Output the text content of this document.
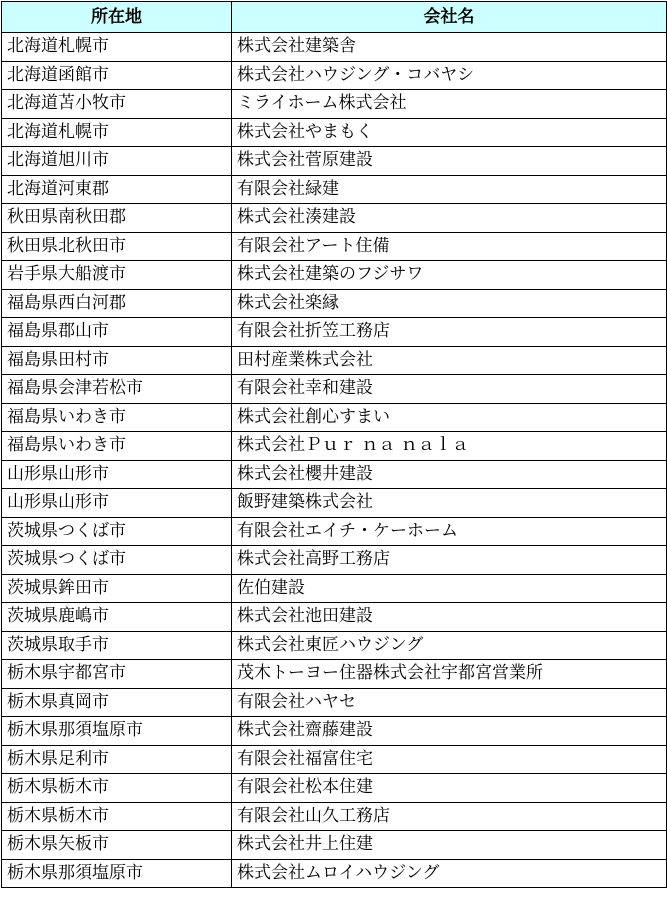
所在地	会社名
北海道札幌市	株式会社建築舎
北海道函館市	株式会社ハウジング・コバヤシ
北海道苫小牧市	ミライホーム株式会社
北海道札幌市	株式会社やまもく
北海道旭川市	株式会社菅原建設
北海道河東郡	有限会社緑建
秋田県南秋田郡	株式会社湊建設
秋田県北秋田市	有限会社アート住備
岩手県大船渡市	株式会社建築のフジサワ
福島県西白河郡	株式会社楽縁
福島県郡山市	有限会社折笠工務店
福島県田村市	田村産業株式会社
福島県会津若松市	有限会社幸和建設
福島県いわき市	株式会社創心すまい
福島県いわき市	株式会社Ｐｕｒ ｎａ ｎａｌａ
山形県山形市	株式会社櫻井建設
山形県山形市	飯野建築株式会社
茨城県つくば市	有限会社エイチ・ケーホーム
茨城県つくば市	株式会社高野工務店
茨城県鉾田市	佐伯建設
茨城県鹿嶋市	株式会社池田建設
茨城県取手市	株式会社東匠ハウジング
栃木県宇都宮市	茂木トーヨー住器株式会社宇都宮営業所
栃木県真岡市	有限会社ハヤセ
栃木県那須塩原市	株式会社齋藤建設
栃木県足利市	有限会社福富住宅
栃木県栃木市	有限会社松本住建
栃木県栃木市	有限会社山久工務店
栃木県矢板市	株式会社井上住建
栃木県那須塩原市	株式会社ムロイハウジング
